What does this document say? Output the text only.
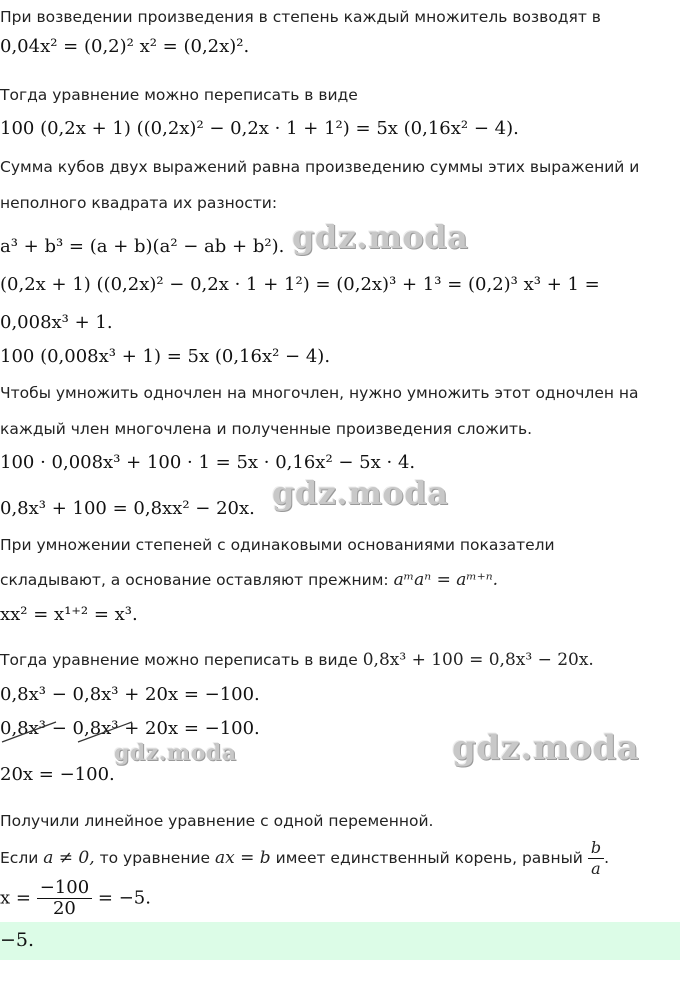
При возведении произведения в степень каждый множитель возводят в
0,04x² = (0,2)² x² = (0,2x)².
Тогда уравнение можно переписать в виде
100 (0,2x + 1) ((0,2x)² − 0,2x · 1 + 1²) = 5x (0,16x² − 4).
Сумма кубов двух выражений равна произведению суммы этих выражений и
неполного квадрата их разности:
a³ + b³ = (a + b)(a² − ab + b²). gdz.moda
(0,2x + 1) ((0,2x)² − 0,2x · 1 + 1²) = (0,2x)³ + 1³ = (0,2)³ x³ + 1 =
0,008x³ + 1.
100 (0,008x³ + 1) = 5x (0,16x² − 4).
Чтобы умножить одночлен на многочлен, нужно умножить этот одночлен на
каждый член многочлена и полученные произведения сложить.
100 · 0,008x³ + 100 · 1 = 5x · 0,16x² − 5x · 4.
0,8x³ + 100 = 0,8xx² − 20x. gdz.moda
При умножении степеней с одинаковыми основаниями показатели
складывают, а основание оставляют прежним: aᵐaⁿ = aᵐ⁺ⁿ.
xx² = x¹⁺² = x³.
Тогда уравнение можно переписать в виде 0,8x³ + 100 = 0,8x³ − 20x.
0,8x³ − 0,8x³ + 20x = −100.
0,8x³ − 0,8x³ + 20x = −100.
gdz.moda	gdz.moda
20x = −100.
Получили линейное уравнение с одной переменной.
Если a ≠ 0, то уравнение ax = b имеет единственный корень, равный $\frac{b}{a}$ .
$x = \frac{-100}{20} = -5$.
−5.
